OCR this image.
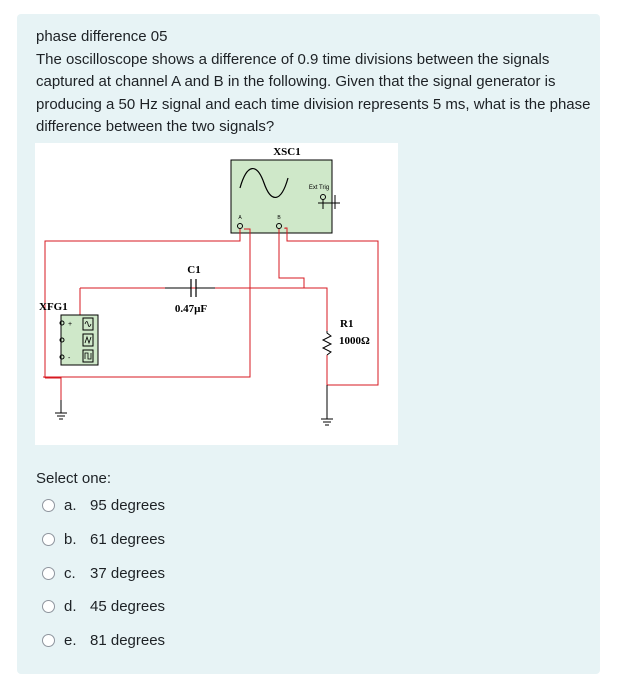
phase difference 05

The oscilloscope shows a difference of 0.9 time divisions between the signals captured at channel A and B in the following. Given that the signal generator is producing a 50 Hz signal and each time division represents 5 ms, what is the phase difference between the two signals?

XSC1
Ext Trig
A	B
C1
0.47µF
XFG1
+
-
R1
1000Ω
Select one:
a. 95 degrees
b. 61 degrees
c. 37 degrees
d. 45 degrees
e. 81 degrees
